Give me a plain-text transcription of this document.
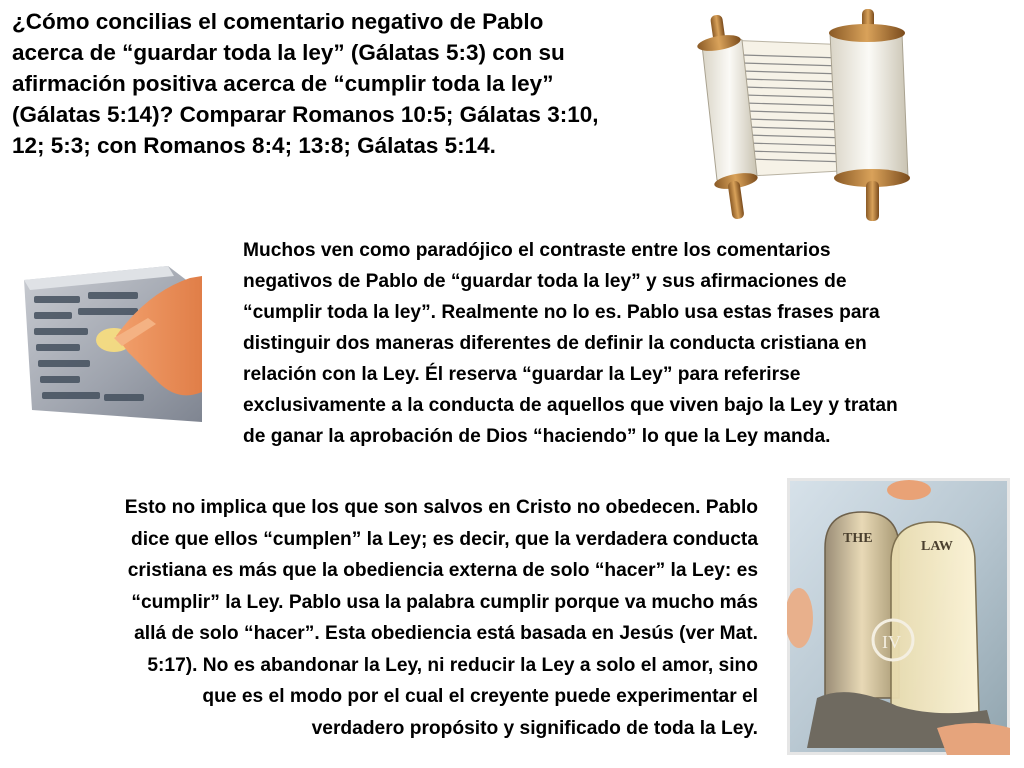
¿Cómo concilias el comentario negativo de Pablo
acerca de “guardar toda la ley” (Gálatas 5:3) con su
afirmación positiva acerca de “cumplir toda la ley”
(Gálatas 5:14)? Comparar Romanos 10:5; Gálatas 3:10,
12; 5:3; con Romanos 8:4; 13:8; Gálatas 5:14.
Muchos ven como paradójico el contraste entre los comentarios
negativos de Pablo de “guardar toda la ley” y sus afirmaciones de
“cumplir toda la ley”. Realmente no lo es. Pablo usa estas frases para
distinguir dos maneras diferentes de definir la conducta cristiana en
relación con la Ley. Él reserva “guardar la Ley” para referirse
exclusivamente a la conducta de aquellos que viven bajo la Ley y tratan
de ganar la aprobación de Dios “haciendo” lo que la Ley manda.
Esto no implica que los que son salvos en Cristo no obedecen. Pablo
dice que ellos “cumplen” la Ley; es decir, que la verdadera conducta
cristiana es más que la obediencia externa de solo “hacer” la Ley: es
“cumplir” la Ley. Pablo usa la palabra cumplir porque va mucho más
allá de solo “hacer”. Esta obediencia está basada en Jesús (ver Mat.
5:17). No es abandonar la Ley, ni reducir la Ley a solo el amor, sino
que es el modo por el cual el creyente puede experimentar el
verdadero propósito y significado de toda la Ley.
THE
LAW
IV
